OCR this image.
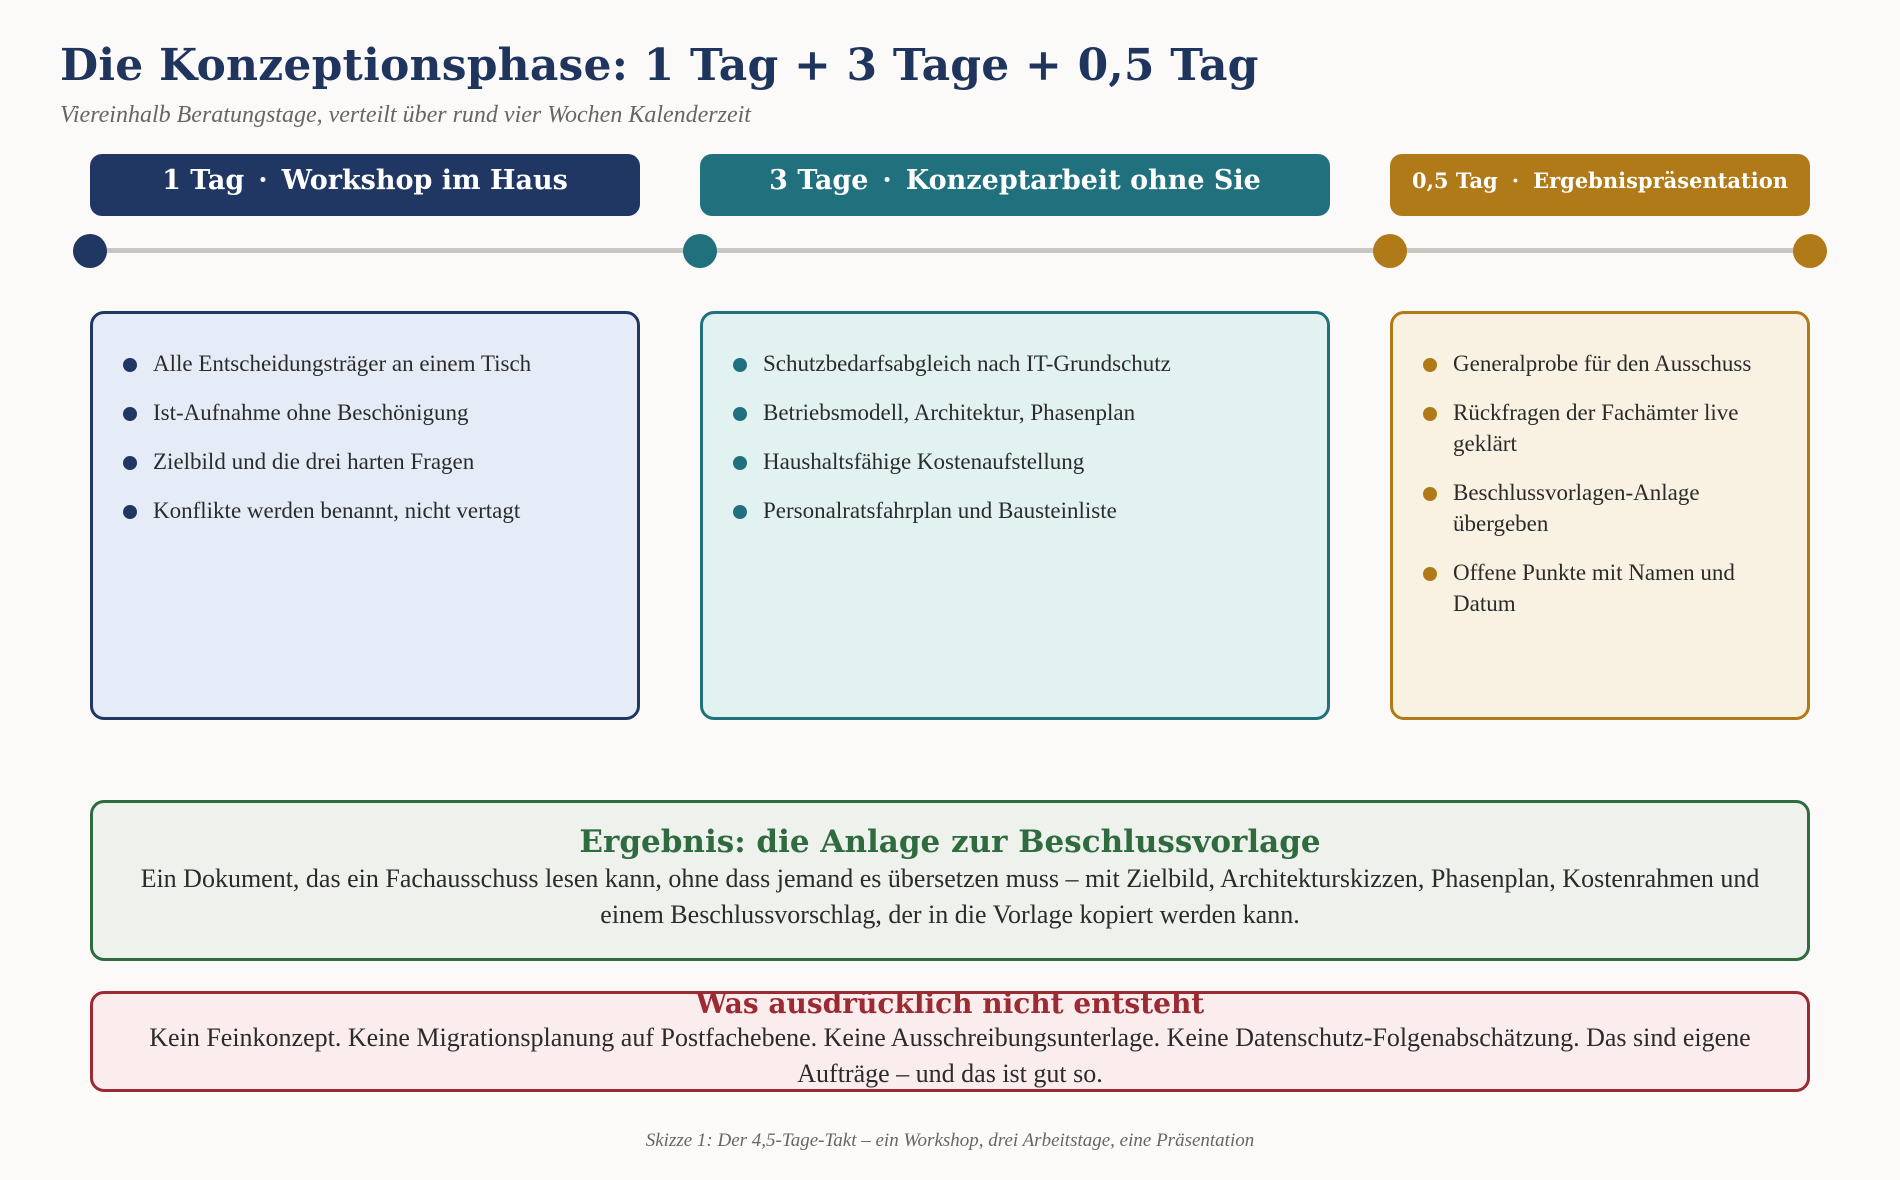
Die Konzeptionsphase: 1 Tag + 3 Tage + 0,5 Tag
Viereinhalb Beratungstage, verteilt über rund vier Wochen Kalenderzeit
1 Tag · Workshop im Haus	3 Tage · Konzeptarbeit ohne Sie	0,5 Tag · Ergebnispräsentation
Alle Entscheidungsträger an einem Tisch
Ist-Aufnahme ohne Beschönigung
Zielbild und die drei harten Fragen
Konflikte werden benannt, nicht vertagt
Schutzbedarfsabgleich nach IT-Grundschutz
Betriebsmodell, Architektur, Phasenplan
Haushaltsfähige Kostenaufstellung
Personalratsfahrplan und Bausteinliste
Generalprobe für den Ausschuss
Rückfragen der Fachämter live geklärt
Beschlussvorlagen-Anlage übergeben
Offene Punkte mit Namen und Datum
Ergebnis: die Anlage zur Beschlussvorlage
Ein Dokument, das ein Fachausschuss lesen kann, ohne dass jemand es übersetzen muss – mit Zielbild, Architekturskizzen, Phasenplan, Kostenrahmen und einem Beschlussvorschlag, der in die Vorlage kopiert werden kann.
Was ausdrücklich nicht entsteht
Kein Feinkonzept. Keine Migrationsplanung auf Postfachebene. Keine Ausschreibungsunterlage. Keine Datenschutz-Folgenabschätzung. Das sind eigene Aufträge – und das ist gut so.
Skizze 1: Der 4,5-Tage-Takt – ein Workshop, drei Arbeitstage, eine Präsentation
